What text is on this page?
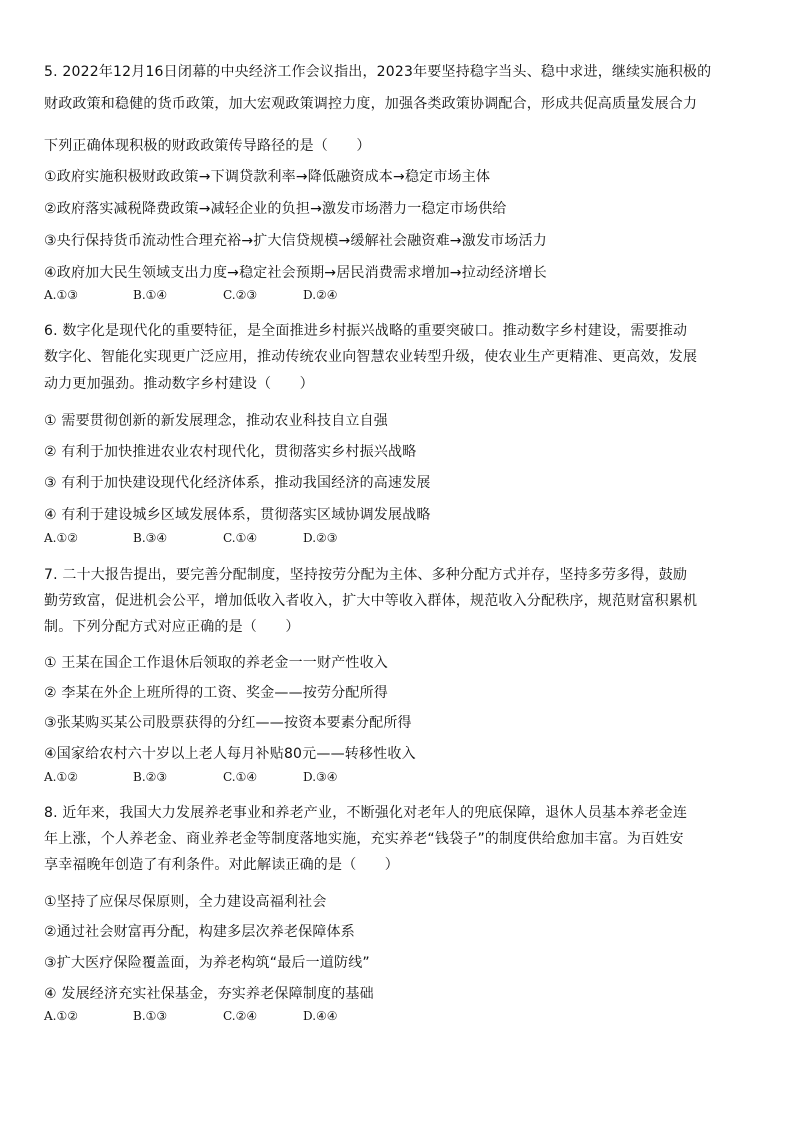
5. 2022年12月16日闭幕的中央经济工作会议指出，2023年要坚持稳字当头、稳中求进，继续实施积极的
财政政策和稳健的货币政策，加大宏观政策调控力度，加强各类政策协调配合，形成共促高质量发展合力
下列正确体现积极的财政政策传导路径的是（　　）
①政府实施积极财政政策→下调贷款利率→降低融资成本→稳定市场主体
②政府落实减税降费政策→减轻企业的负担→激发市场潜力一稳定市场供给
③央行保持货币流动性合理充裕→扩大信贷规模→缓解社会融资难→激发市场活力
④政府加大民生领域支出力度→稳定社会预期→居民消费需求增加→拉动经济增长
A.①③	B.①④	C.②③	D.②④
6. 数字化是现代化的重要特征，是全面推进乡村振兴战略的重要突破口。推动数字乡村建设，需要推动
数字化、智能化实现更广泛应用，推动传统农业向智慧农业转型升级，使农业生产更精准、更高效，发展
动力更加强劲。推动数字乡村建设（　　）
① 需要贯彻创新的新发展理念，推动农业科技自立自强
② 有利于加快推进农业农村现代化，贯彻落实乡村振兴战略
③ 有利于加快建设现代化经济体系，推动我国经济的高速发展
④ 有利于建设城乡区域发展体系，贯彻落实区域协调发展战略
A.①②	B.③④	C.①④	D.②③
7. 二十大报告提出，要完善分配制度，坚持按劳分配为主体、多种分配方式并存，坚持多劳多得，鼓励
勤劳致富，促进机会公平，增加低收入者收入，扩大中等收入群体，规范收入分配秩序，规范财富积累机
制。下列分配方式对应正确的是（　　）
① 王某在国企工作退休后领取的养老金一一财产性收入
② 李某在外企上班所得的工资、奖金——按劳分配所得
③张某购买某公司股票获得的分红——按资本要素分配所得
④国家给农村六十岁以上老人每月补贴80元——转移性收入
A.①②	B.②③	C.①④	D.③④
8. 近年来，我国大力发展养老事业和养老产业，不断强化对老年人的兜底保障，退休人员基本养老金连
年上涨，个人养老金、商业养老金等制度落地实施，充实养老“钱袋子”的制度供给愈加丰富。为百姓安
享幸福晚年创造了有利条件。对此解读正确的是（　　）
①坚持了应保尽保原则，全力建设高福利社会
②通过社会财富再分配，构建多层次养老保障体系
③扩大医疗保险覆盖面，为养老构筑“最后一道防线”
④ 发展经济充实社保基金，夯实养老保障制度的基础
A.①②	B.①③	C.②④	D.④④
